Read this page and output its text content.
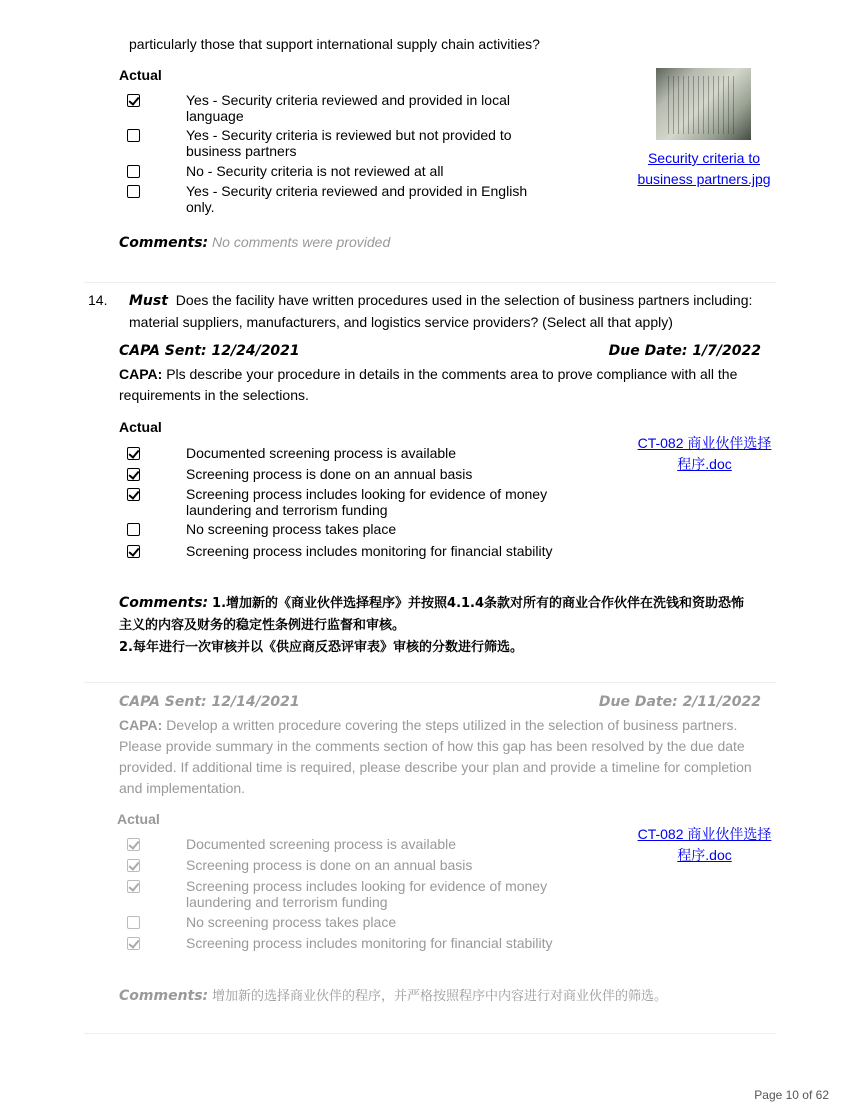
particularly those that support international supply chain activities?
Actual
Yes - Security criteria reviewed and provided in local language
Yes - Security criteria is reviewed but not provided to business partners
No - Security criteria is not reviewed at all
Yes - Security criteria reviewed and provided in English only.
Security criteria to business partners.jpg
Comments: No comments were provided
14. Must Does the facility have written procedures used in the selection of business partners including: material suppliers, manufacturers, and logistics service providers? (Select all that apply)
CAPA Sent: 12/24/2021	Due Date: 1/7/2022
CAPA: Pls describe your procedure in details in the comments area to prove compliance with all the requirements in the selections.
Actual
Documented screening process is available
Screening process is done on an annual basis
Screening process includes looking for evidence of money laundering and terrorism funding
No screening process takes place
Screening process includes monitoring for financial stability
CT-082 商业伙伴选择程序.doc
Comments: 1.增加新的《商业伙伴选择程序》并按照4.1.4条款对所有的商业合作伙伴在洗钱和资助恐怖
主义的内容及财务的稳定性条例进行监督和审核。
2.每年进行一次审核并以《供应商反恐评审表》审核的分数进行筛选。
CAPA Sent: 12/14/2021	Due Date: 2/11/2022
CAPA: Develop a written procedure covering the steps utilized in the selection of business partners. Please provide summary in the comments section of how this gap has been resolved by the due date provided. If additional time is required, please describe your plan and provide a timeline for completion and implementation.
Actual
Documented screening process is available
Screening process is done on an annual basis
Screening process includes looking for evidence of money laundering and terrorism funding
No screening process takes place
Screening process includes monitoring for financial stability
Comments: 增加新的选择商业伙伴的程序，并严格按照程序中内容进行对商业伙伴的筛选。
CT-082 商业伙伴选择程序.doc
Page 10 of 62
